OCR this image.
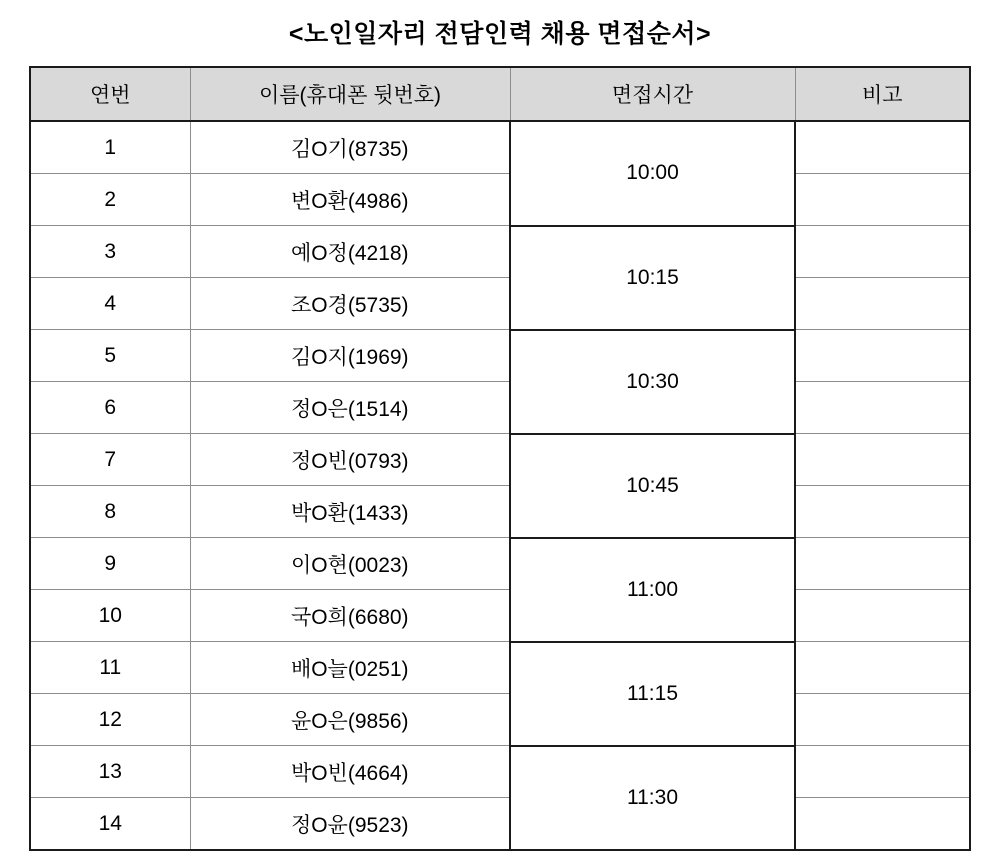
<노인일자리 전담인력 채용 면접순서>
연번	이름(휴대폰 뒷번호)	면접시간	비고
1	김O기(8735)	10:00	
2	변O환(4986)		
3	예O정(4218)	10:15	
4	조O경(5735)		
5	김O지(1969)	10:30	
6	정O은(1514)		
7	정O빈(0793)	10:45	
8	박O환(1433)		
9	이O현(0023)	11:00	
10	국O희(6680)		
11	배O늘(0251)	11:15	
12	윤O은(9856)		
13	박O빈(4664)	11:30	
14	정O윤(9523)		
